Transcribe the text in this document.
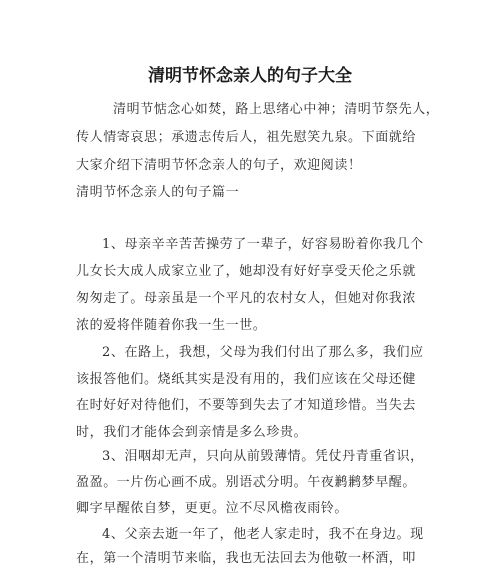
清明节怀念亲人的句子大全
清明节惦念心如焚，路上思绪心中神；清明节祭先人，
传人情寄哀思；承遗志传后人，祖先慰笑九泉。下面就给
大家介绍下清明节怀念亲人的句子，欢迎阅读！
清明节怀念亲人的句子篇一
1、母亲辛辛苦苦操劳了一辈子，好容易盼着你我几个
儿女长大成人成家立业了，她却没有好好享受天伦之乐就
匆匆走了。母亲虽是一个平凡的农村女人，但她对你我浓
浓的爱将伴随着你我一生一世。
2、在路上，我想，父母为我们付出了那么多，我们应
该报答他们。烧纸其实是没有用的，我们应该在父母还健
在时好好对待他们，不要等到失去了才知道珍惜。当失去
时，我们才能体会到亲情是多么珍贵。
3、泪咽却无声，只向从前毁薄情。凭仗丹青重省识，
盈盈。一片伤心画不成。别语忒分明。午夜鹣鹣梦早醒。
卿字早醒侬自梦，更更。泣不尽风檐夜雨铃。
4、父亲去逝一年了，他老人家走时，我不在身边。现
在，第一个清明节来临，我也无法回去为他敬一杯酒，叩
